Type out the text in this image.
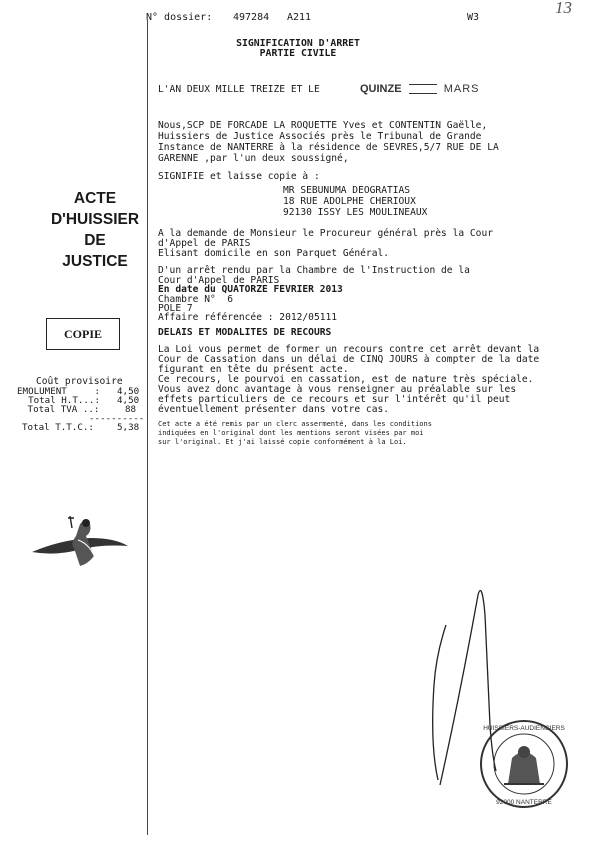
N° dossier: 497284 A211	W3
13
ACTE
D'HUISSIER
DE
JUSTICE
COPIE
Coût provisoire
EMOLUMENT     : 4,50
Total H.T...: 4,50
Total TVA ..:	88
----------
Total T.T.C.:	5,38
SIGNIFICATION D'ARRET
PARTIE CIVILE
L'AN DEUX MILLE TREIZE ET LE	QUINZE	MARS
Nous,SCP DE FORCADE LA ROQUETTE Yves et CONTENTIN Gaëlle,
Huissiers de Justice Associés près le Tribunal de Grande
Instance de NANTERRE à la résidence de SEVRES,5/7 RUE DE LA
GARENNE ,par l'un deux soussigné,
SIGNIFIE et laisse copie à :
MR SEBUNUMA DEOGRATIAS
18 RUE ADOLPHE CHERIOUX
92130 ISSY LES MOULINEAUX
A la demande de Monsieur le Procureur général près la Cour
d'Appel de PARIS
Elisant domicile en son Parquet Général.
D'un arrêt rendu par la Chambre de l'Instruction de la
Cour d'Appel de PARIS
En date du QUATORZE FEVRIER 2013
Chambre N°  6
POLE 7
Affaire référencée : 2012/05111
DELAIS ET MODALITES DE RECOURS
La Loi vous permet de former un recours contre cet arrêt devant la
Cour de Cassation dans un délai de CINQ JOURS à compter de la date
figurant en tête du présent acte.
Ce recours, le pourvoi en cassation, est de nature très spéciale.
Vous avez donc avantage à vous renseigner au préalable sur les
effets particuliers de ce recours et sur l'intérêt qu'il peut
éventuellement présenter dans votre cas.
Cet acte a été remis par un clerc assermenté, dans les conditions
indiquées en l'original dont les mentions seront visées par moi
sur l'original. Et j'ai laissé copie conformément à la Loi.
HUISSIERS-AUDIENCIERS
92000 NANTERRE
